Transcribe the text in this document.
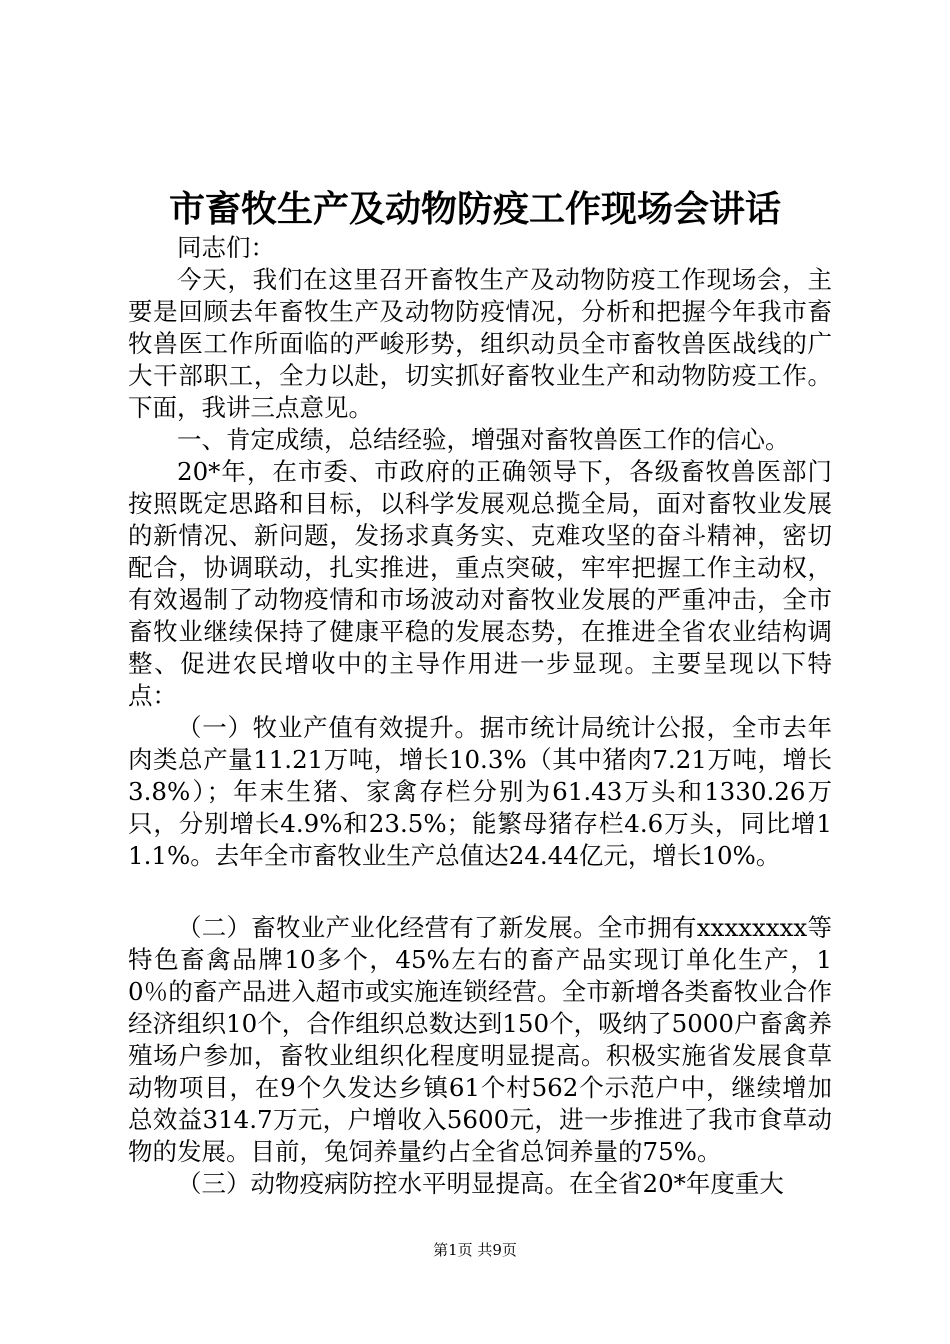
市畜牧生产及动物防疫工作现场会讲话

同志们：

今天，我们在这里召开畜牧生产及动物防疫工作现场会，主要是回顾去年畜牧生产及动物防疫情况，分析和把握今年我市畜牧兽医工作所面临的严峻形势，组织动员全市畜牧兽医战线的广大干部职工，全力以赴，切实抓好畜牧业生产和动物防疫工作。下面，我讲三点意见。

一、肯定成绩，总结经验，增强对畜牧兽医工作的信心。

20*年，在市委、市政府的正确领导下，各级畜牧兽医部门按照既定思路和目标，以科学发展观总揽全局，面对畜牧业发展的新情况、新问题，发扬求真务实、克难攻坚的奋斗精神，密切配合，协调联动，扎实推进，重点突破，牢牢把握工作主动权，有效遏制了动物疫情和市场波动对畜牧业发展的严重冲击，全市畜牧业继续保持了健康平稳的发展态势，在推进全省农业结构调整、促进农民增收中的主导作用进一步显现。主要呈现以下特点：

（一）牧业产值有效提升。据市统计局统计公报，全市去年肉类总产量11.21万吨，增长10.3%（其中猪肉7.21万吨，增长3.8%）；年末生猪、家禽存栏分别为61.43万头和1330.26万只，分别增长4.9%和23.5%；能繁母猪存栏4.6万头，同比增11.1%。去年全市畜牧业生产总值达24.44亿元，增长10%。

（二）畜牧业产业化经营有了新发展。全市拥有xxxxxxxx等特色畜禽品牌10多个，45%左右的畜产品实现订单化生产，10％的畜产品进入超市或实施连锁经营。全市新增各类畜牧业合作经济组织10个，合作组织总数达到150个，吸纳了5000户畜禽养殖场户参加，畜牧业组织化程度明显提高。积极实施省发展食草动物项目，在9个久发达乡镇61个村562个示范户中，继续增加总效益314.7万元，户增收入5600元，进一步推进了我市食草动物的发展。目前，兔饲养量约占全省总饲养量的75%。

（三）动物疫病防控水平明显提高。在全省20*年度重大

第1页 共9页
